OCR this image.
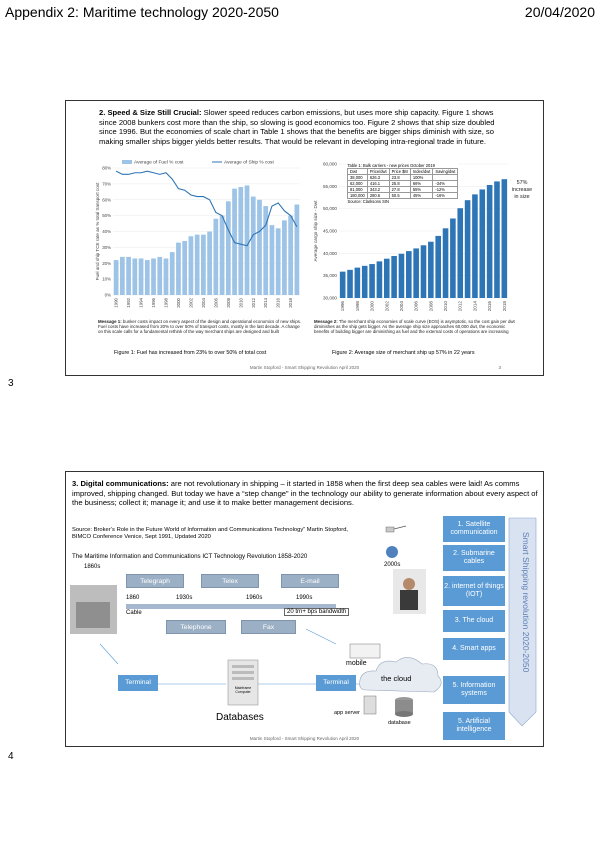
Appendix 2: Maritime technology 2020-2050	20/04/2020
2. Speed & Size Still Crucial: Slower speed reduces carbon emissions, but uses more ship capacity. Figure 1 shows since 2008 bunkers cost more than the ship, so slowing is good economics too. Figure 2 shows that ship size doubled since 1996. But the economies of scale chart in Table 1 shows that the benefits are bigger ships diminish with size, so making smaller ships bigger yields better results. That would be relevant in developing intra-regional trade in future.
0%
10%
20%
30%
40%
50%
60%
70%
80%
1990 1992 1994 1996 1998 2000 2002 2004 2006 2008 2010 2012 2014 2016 2018
Fuel and ship TCE rate as % total transport cost
Average of Fuel % cost	Average of Ship % cost
30,000
35,000
40,000
45,000
50,000
55,000
60,000
1996 1998 2000 2002 2004 2006 2008 2010 2012 2014 2016 2018
Average cargo ship size - Dwt
57%
increase
in size
Table 1: Bulk carriers - new prices October 2019				
Dwt	Price/dwt	Price $M	Index/dwt	Saving/dwt
38,000	626.3	23.8	100%	
62,000	416.1	25.8	66%	-34%
81,000	343.2	27.8	55%	-12%
180,000	280.6	50.5	45%	-16%
Source: Clarksons SIN				
Message 1: bunker costs impact on every aspect of the design and operational economics of new ships. Fuel costs have increased from 20% to over 50% of transport costs, mostly in the last decade. A change on this scale calls for a fundamental rethink of the way merchant ships are designed and built
Message 2: The merchant ship economies of scale curve (EOS) is asymptotic, so the cost gain per dwt diminishes as the ship gets bigger. As the average ship size approaches 60,000 dwt, the economic benefits of building bigger are diminishing as fuel and the external costs of operations are increasing
Figure 1: Fuel has increased from 23% to over 50% of total cost	Figure 2: Average size of merchant ship up 57% in 22 years
Martin Stopford - Smart Shipping Revolution April 2020	3
3
3. Digital communications: are not revolutionary in shipping – it started in 1858 when the first deep sea cables were laid! As comms improved, shipping changed. But today we have a “step change” in the technology our ability to generate information about every aspect of the business; collect it; manage it; and use it to make better management decisions.
Source: Broker’s Role in the Future World of Information and Communications Technology” Martin Stopford, BIMCO Conference Venice, Sept 1991, Updated 2020
The Maritime Information and Communications ICT Technology Revolution 1858-2020
1860s	2000s
Telegraph	Telex	E-mail
Telephone	Fax
1860	1930s	1960s	1990s
Cable	20 trn+ bps bandwidth
Terminal
Mainframe Computer
Terminal
Databases
mobile
the cloud
app server
database
1. Satellite communication
2. Submarine cables
2. internet of things (IOT)
3. The cloud
4. Smart apps
5. Information systems
5. Artificial intelligence
Smart Shipping revolution 2020-2050
Martin Stopford - Smart Shipping Revolution April 2020
4
